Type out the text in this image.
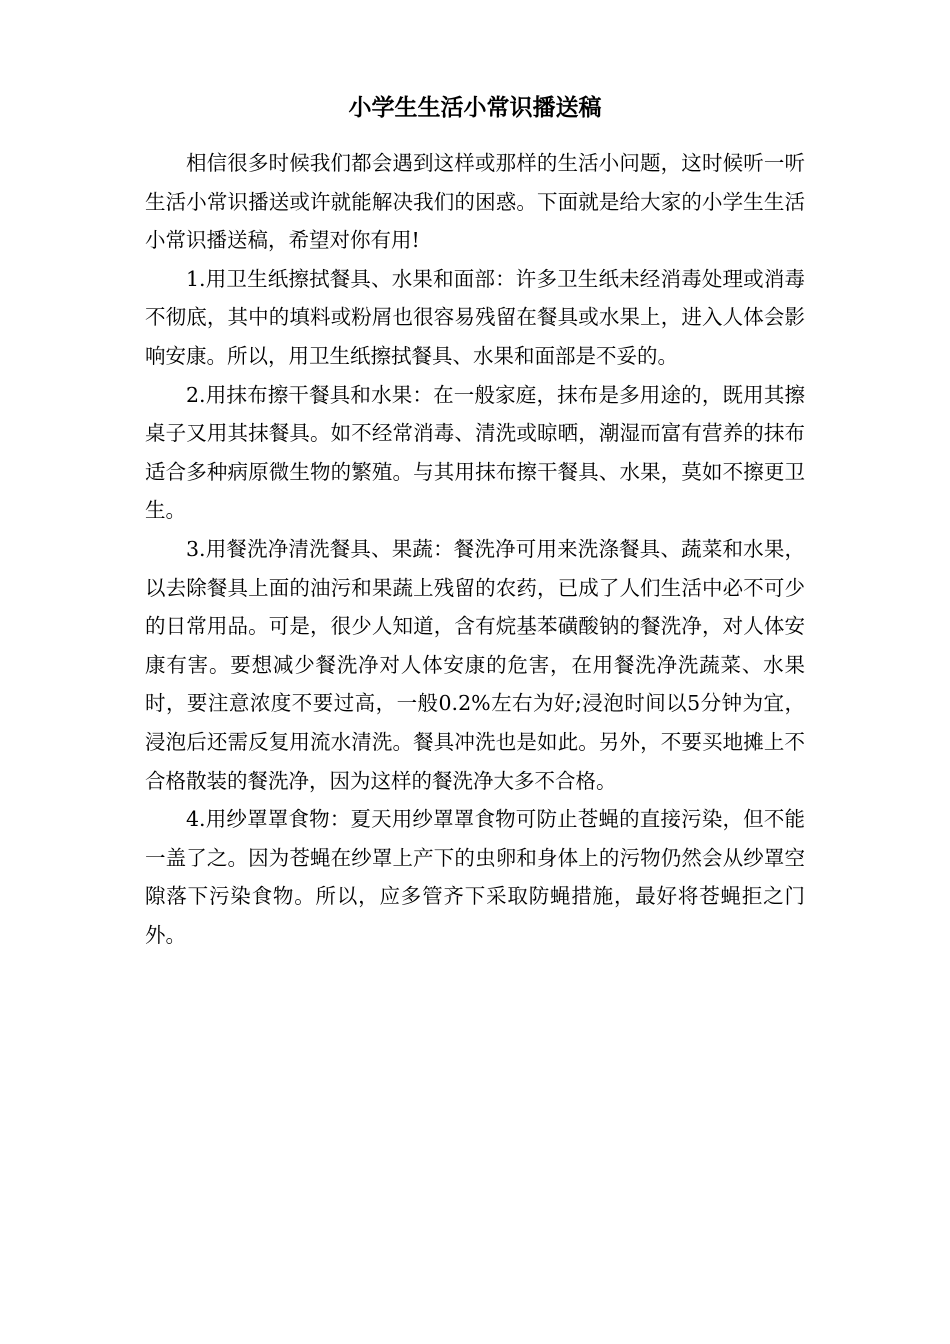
小学生生活小常识播送稿

相信很多时候我们都会遇到这样或那样的生活小问题，这时候听一听生活小常识播送或许就能解决我们的困惑。下面就是给大家的小学生生活小常识播送稿，希望对你有用!

1.用卫生纸擦拭餐具、水果和面部：许多卫生纸未经消毒处理或消毒不彻底，其中的填料或粉屑也很容易残留在餐具或水果上，进入人体会影响安康。所以，用卫生纸擦拭餐具、水果和面部是不妥的。

2.用抹布擦干餐具和水果：在一般家庭，抹布是多用途的，既用其擦桌子又用其抹餐具。如不经常消毒、清洗或晾晒，潮湿而富有营养的抹布适合多种病原微生物的繁殖。与其用抹布擦干餐具、水果，莫如不擦更卫生。

3.用餐洗净清洗餐具、果蔬：餐洗净可用来洗涤餐具、蔬菜和水果，以去除餐具上面的油污和果蔬上残留的农药，已成了人们生活中必不可少的日常用品。可是，很少人知道，含有烷基苯磺酸钠的餐洗净，对人体安康有害。要想减少餐洗净对人体安康的危害，在用餐洗净洗蔬菜、水果时，要注意浓度不要过高，一般0.2%左右为好;浸泡时间以5分钟为宜，浸泡后还需反复用流水清洗。餐具冲洗也是如此。另外，不要买地摊上不合格散装的餐洗净，因为这样的餐洗净大多不合格。

4.用纱罩罩食物：夏天用纱罩罩食物可防止苍蝇的直接污染，但不能一盖了之。因为苍蝇在纱罩上产下的虫卵和身体上的污物仍然会从纱罩空隙落下污染食物。所以，应多管齐下采取防蝇措施，最好将苍蝇拒之门外。
